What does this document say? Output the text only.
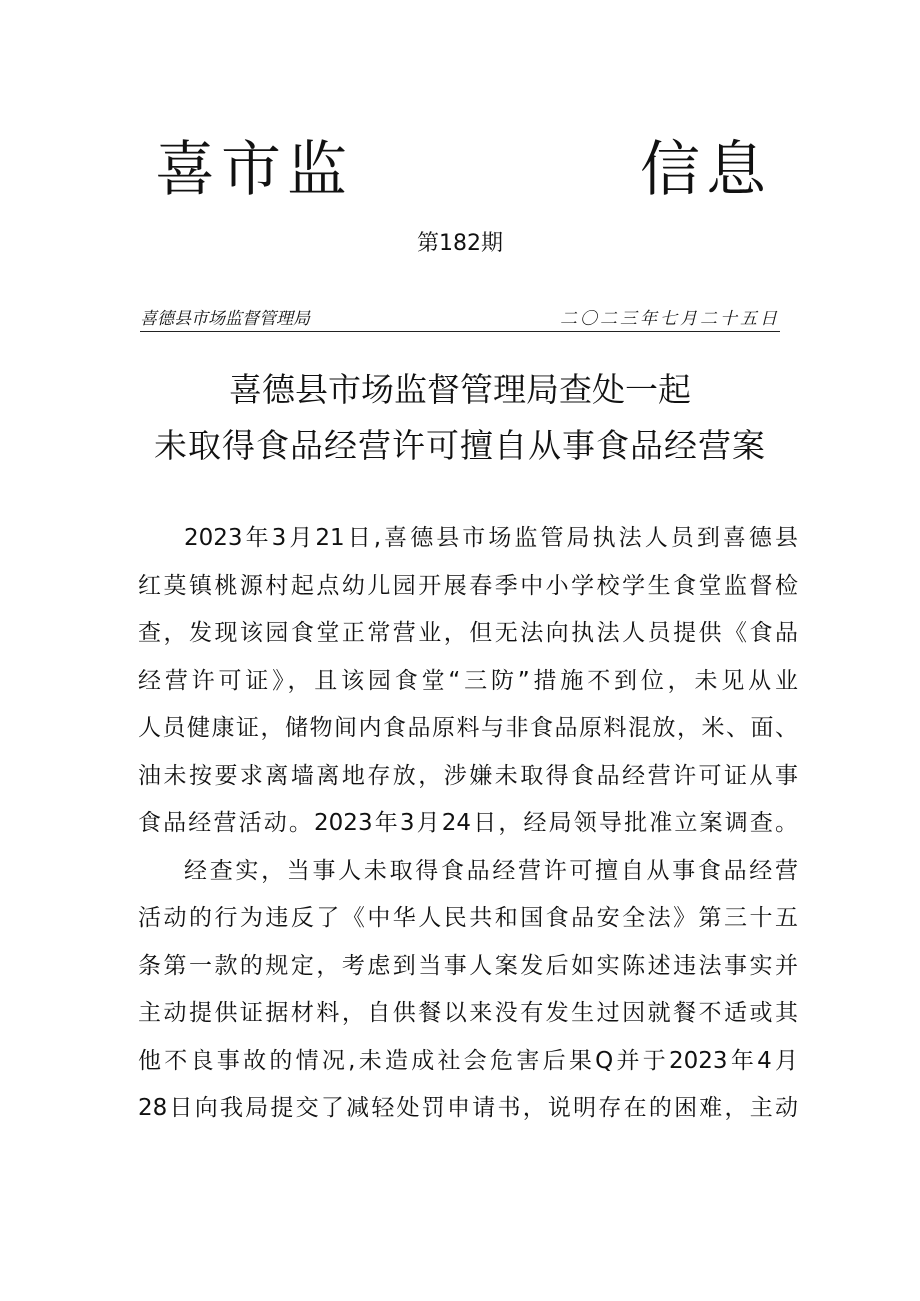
喜市监	信息
第182期
喜德县市场监督管理局	二〇二三年七月二十五日
喜德县市场监督管理局查处一起
未取得食品经营许可擅自从事食品经营案
2023年3月21日,喜德县市场监管局执法人员到喜德县
红莫镇桃源村起点幼儿园开展春季中小学校学生食堂监督检
查，发现该园食堂正常营业，但无法向执法人员提供《食品
经营许可证》，且该园食堂“三防”措施不到位，未见从业
人员健康证，储物间内食品原料与非食品原料混放，米、面、
油未按要求离墙离地存放，涉嫌未取得食品经营许可证从事
食品经营活动。2023年3月24日，经局领导批准立案调查。
经查实，当事人未取得食品经营许可擅自从事食品经营
活动的行为违反了《中华人民共和国食品安全法》第三十五
条第一款的规定，考虑到当事人案发后如实陈述违法事实并
主动提供证据材料，自供餐以来没有发生过因就餐不适或其
他不良事故的情况,未造成社会危害后果Q并于2023年4月
28日向我局提交了减轻处罚申请书，说明存在的困难，主动
